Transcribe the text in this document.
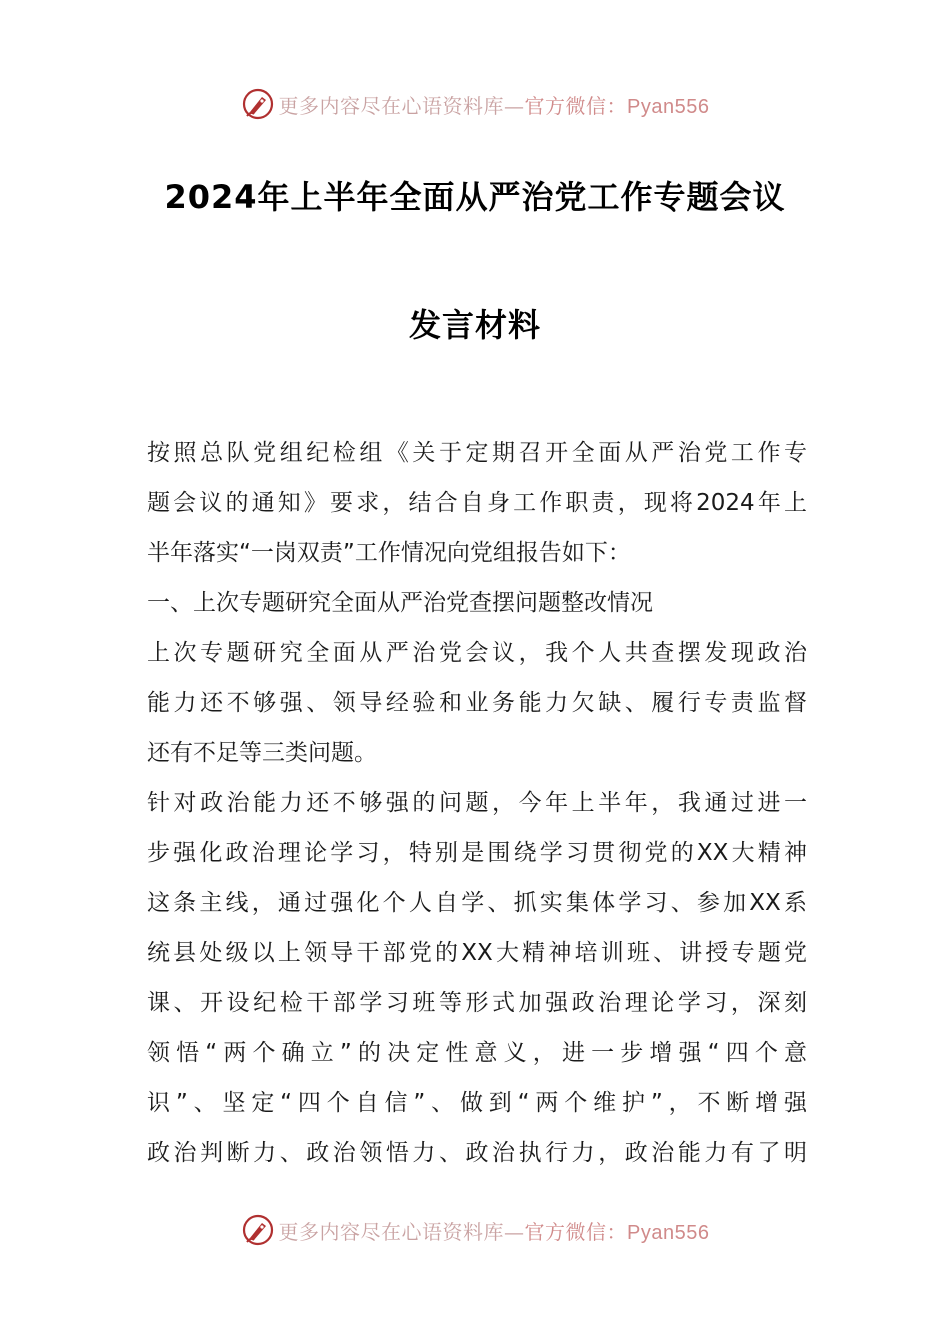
更多内容尽在心语资料库—官方微信：Pyan556
2024年上半年全面从严治党工作专题会议
发言材料
按照总队党组纪检组《关于定期召开全面从严治党工作专
题会议的通知》要求，结合自身工作职责，现将2024年上
半年落实“一岗双责”工作情况向党组报告如下：
一、上次专题研究全面从严治党查摆问题整改情况
上次专题研究全面从严治党会议，我个人共查摆发现政治
能力还不够强、领导经验和业务能力欠缺、履行专责监督
还有不足等三类问题。
针对政治能力还不够强的问题，今年上半年，我通过进一
步强化政治理论学习，特别是围绕学习贯彻党的XX大精神
这条主线，通过强化个人自学、抓实集体学习、参加XX系
统县处级以上领导干部党的XX大精神培训班、讲授专题党
课、开设纪检干部学习班等形式加强政治理论学习，深刻
领悟“两个确立”的决定性意义，进一步增强“四个意
识”、坚定“四个自信”、做到“两个维护”，不断增强
政治判断力、政治领悟力、政治执行力，政治能力有了明
更多内容尽在心语资料库—官方微信：Pyan556
